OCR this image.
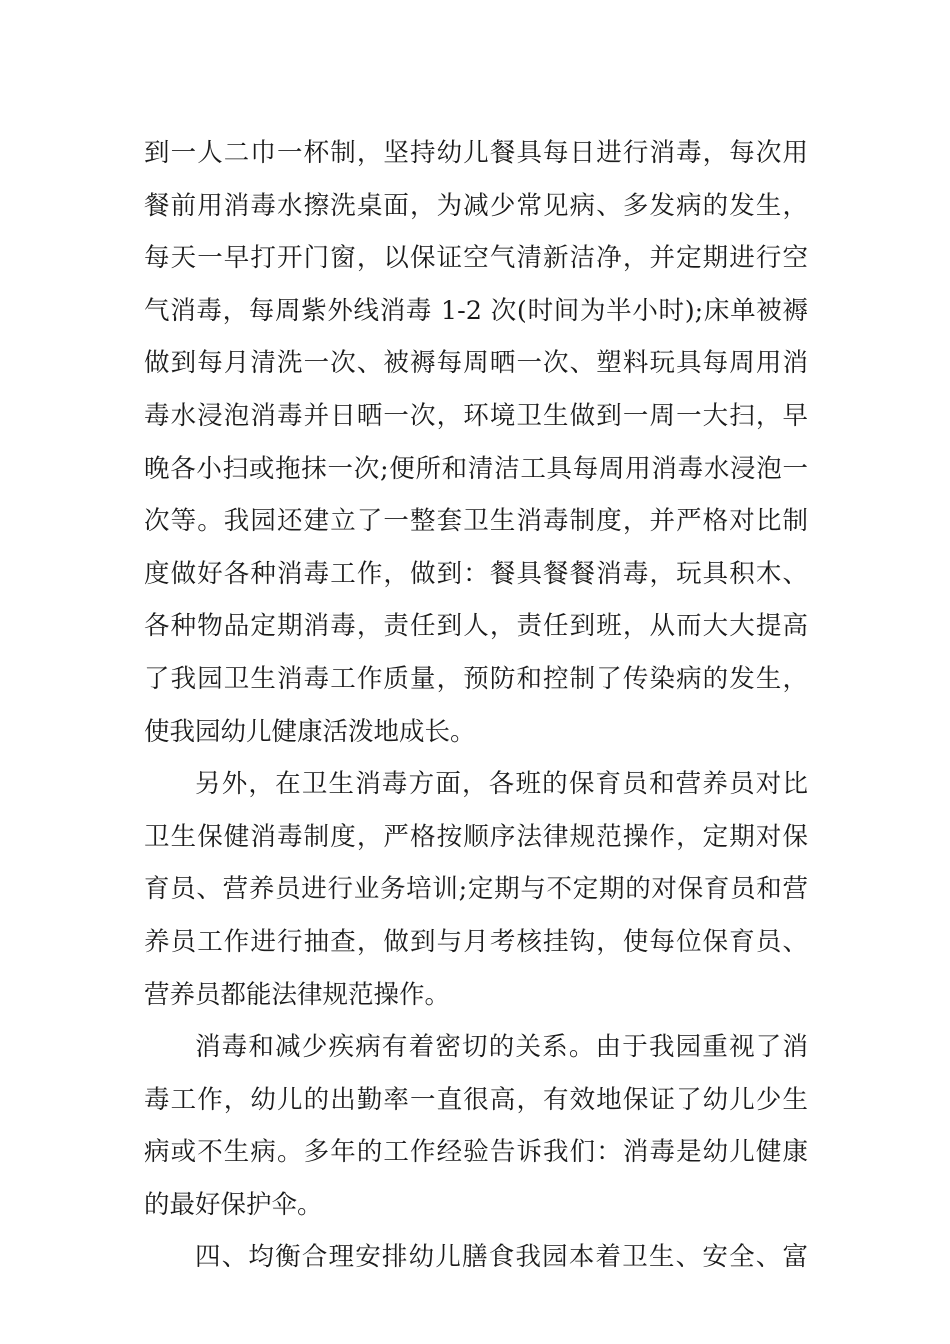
到一人二巾一杯制，坚持幼儿餐具每日进行消毒，每次用
餐前用消毒水擦洗桌面，为减少常见病、多发病的发生，
每天一早打开门窗，以保证空气清新洁净，并定期进行空
气消毒，每周紫外线消毒 1-2 次(时间为半小时);床单被褥
做到每月清洗一次、被褥每周晒一次、塑料玩具每周用消
毒水浸泡消毒并日晒一次，环境卫生做到一周一大扫，早
晚各小扫或拖抹一次;便所和清洁工具每周用消毒水浸泡一
次等。我园还建立了一整套卫生消毒制度，并严格对比制
度做好各种消毒工作，做到：餐具餐餐消毒，玩具积木、
各种物品定期消毒，责任到人，责任到班，从而大大提高
了我园卫生消毒工作质量，预防和控制了传染病的发生，
使我园幼儿健康活泼地成长。
另外，在卫生消毒方面，各班的保育员和营养员对比
卫生保健消毒制度，严格按顺序法律规范操作，定期对保
育员、营养员进行业务培训;定期与不定期的对保育员和营
养员工作进行抽查，做到与月考核挂钩，使每位保育员、
营养员都能法律规范操作。
消毒和减少疾病有着密切的关系。由于我园重视了消
毒工作，幼儿的出勤率一直很高，有效地保证了幼儿少生
病或不生病。多年的工作经验告诉我们：消毒是幼儿健康
的最好保护伞。
四、均衡合理安排幼儿膳食我园本着卫生、安全、富
